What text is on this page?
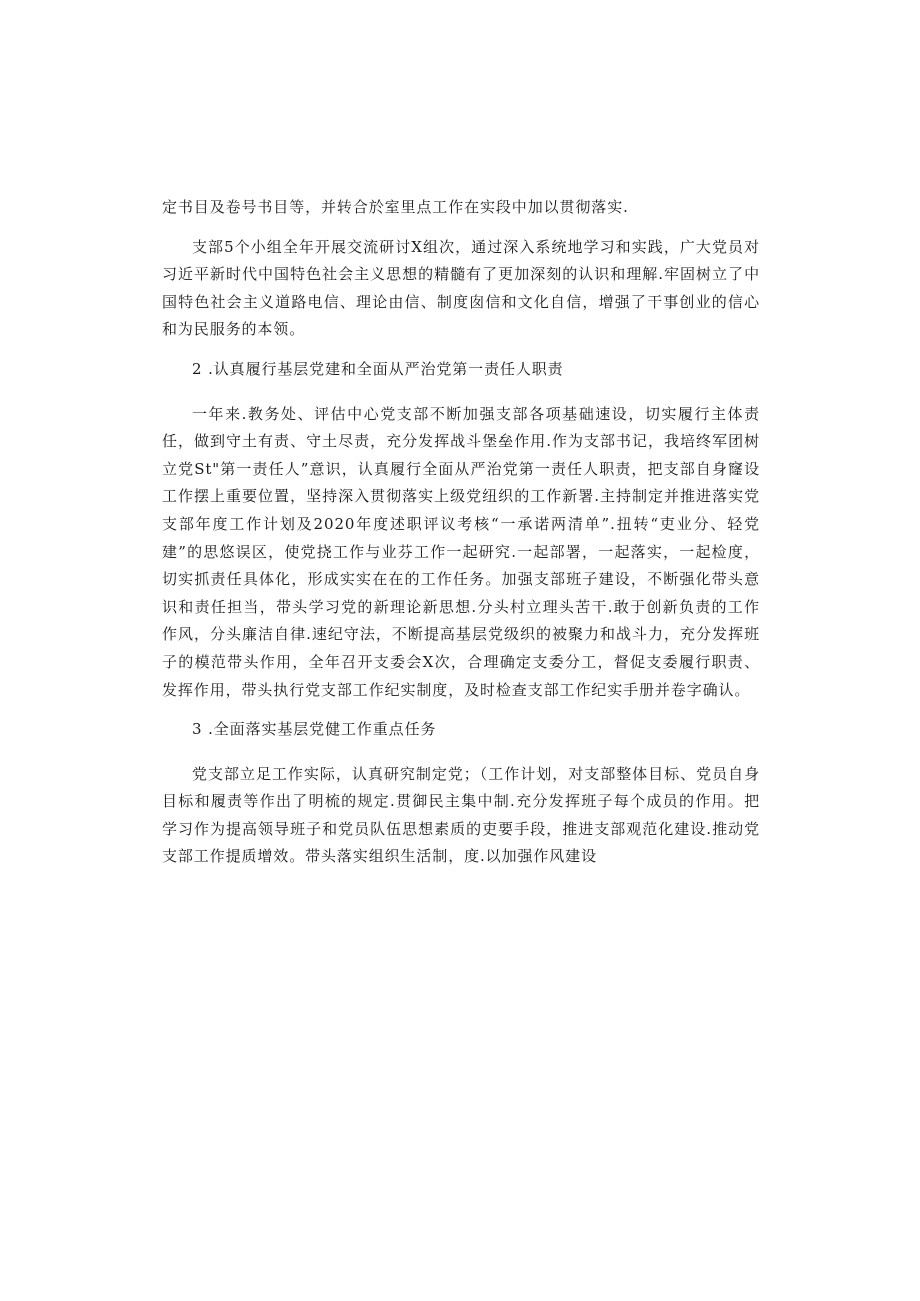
定书目及卷号书目等，并转合於室里点工作在实段中加以贯彻落实.

支部5个小组全年开展交流研讨X组次，通过深入系统地学习和实践，广大党员对习近平新时代中国特色社会主义思想的精髓有了更加深刻的认识和理解.牢固树立了中国特色社会主义道路电信、理论由信、制度囱信和文化自信，增强了干事创业的信心和为民服务的本领。

2 .认真履行基层党建和全面从严治党第一责任人职责

一年来.教务处、评估中心党支部不断加强支部各项基础速设，切实履行主体责任，做到守土有责、守土尽责，充分发挥战斗堡垒作用.作为支部书记，我培终军团树立党St"第一责任人”意识，认真履行全面从严治党第一责任人职责，把支部自身窿设工作摆上重要位置，坚持深入贯彻落实上级党纽织的工作新署.主持制定并推进落实党支部年度工作计划及2020年度述职评议考核“一承诺两清单”.扭转“吏业分、轻党建”的思悠误区，使党挠工作与业芬工作一起研究.一起部署，一起落实，一起检度，切实抓责任具体化，形成实实在在的工作任务。加强支部班子建设，不断强化带头意识和责任担当，带头学习党的新理论新思想.分头村立理头苦干.敢于创新负责的工作作风，分头廉洁自律.速纪守法，不断提高基层党级织的被聚力和战斗力，充分发挥班子的模范带头作用，全年召开支委会X次，合理确定支委分工，督促支委履行职责、发挥作用，带头执行党支部工作纪实制度，及时检查支部工作纪实手册并卷字确认。

3 .全面落实基层党健工作重点任务

党支部立足工作实际，认真研究制定党；（工作计划，对支部整体目标、党员自身目标和履责等作出了明梳的规定.贯御民主集中制.充分发挥班子每个成员的作用。把学习作为提高领导班子和党员队伍思想素质的吏要手段，推进支部观范化建设.推动党支部工作提质增效。带头落实组织生活制，度.以加强作风建设
